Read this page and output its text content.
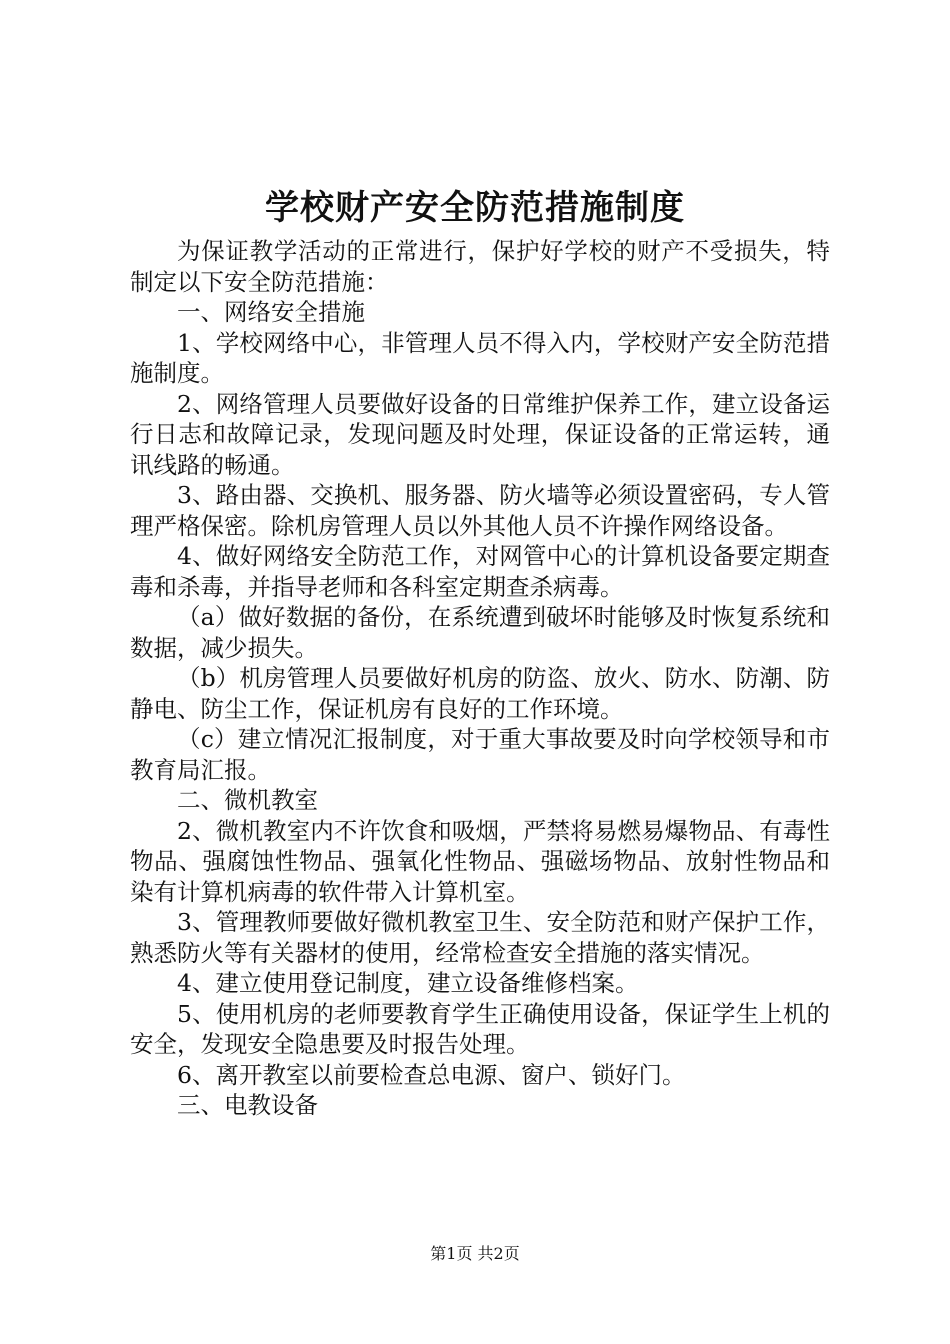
学校财产安全防范措施制度

为保证教学活动的正常进行，保护好学校的财产不受损失，特制定以下安全防范措施：

一、网络安全措施

1、学校网络中心，非管理人员不得入内，学校财产安全防范措施制度。

2、网络管理人员要做好设备的日常维护保养工作，建立设备运行日志和故障记录，发现问题及时处理，保证设备的正常运转，通讯线路的畅通。

3、路由器、交换机、服务器、防火墙等必须设置密码，专人管理严格保密。除机房管理人员以外其他人员不许操作网络设备。

4、做好网络安全防范工作，对网管中心的计算机设备要定期查毒和杀毒，并指导老师和各科室定期查杀病毒。

（a）做好数据的备份，在系统遭到破坏时能够及时恢复系统和数据，减少损失。

（b）机房管理人员要做好机房的防盗、放火、防水、防潮、防静电、防尘工作，保证机房有良好的工作环境。

（c）建立情况汇报制度，对于重大事故要及时向学校领导和市教育局汇报。

二、微机教室

2、微机教室内不许饮食和吸烟，严禁将易燃易爆物品、有毒性物品、强腐蚀性物品、强氧化性物品、强磁场物品、放射性物品和染有计算机病毒的软件带入计算机室。

3、管理教师要做好微机教室卫生、安全防范和财产保护工作，熟悉防火等有关器材的使用，经常检查安全措施的落实情况。

4、建立使用登记制度，建立设备维修档案。

5、使用机房的老师要教育学生正确使用设备，保证学生上机的安全，发现安全隐患要及时报告处理。

6、离开教室以前要检查总电源、窗户、锁好门。

三、电教设备

第1页 共2页
